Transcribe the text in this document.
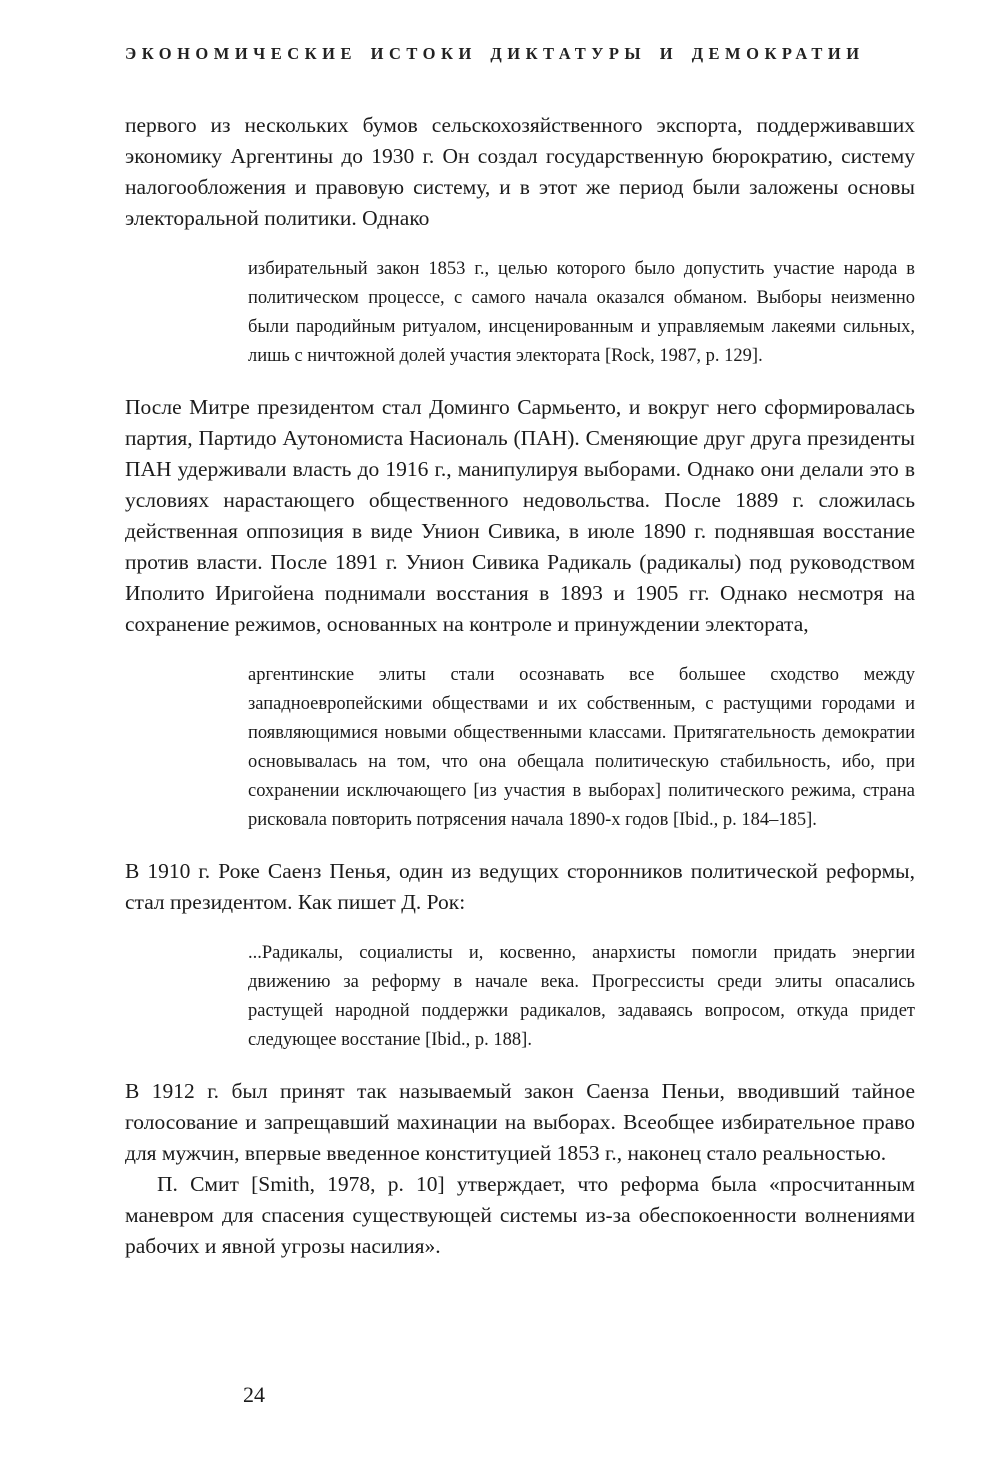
ЭКОНОМИЧЕСКИЕ ИСТОКИ ДИКТАТУРЫ И ДЕМОКРАТИИ

первого из нескольких бумов сельскохозяйственного экспорта, поддерживавших экономику Аргентины до 1930 г. Он создал государственную бюрократию, систему налогообложения и правовую систему, и в этот же период были заложены основы электоральной политики. Однако

избирательный закон 1853 г., целью которого было допустить участие народа в политическом процессе, с самого начала оказался обманом. Выборы неизменно были пародийным ритуалом, инсценированным и управляемым лакеями сильных, лишь с ничтожной долей участия электората [Rock, 1987, p. 129].

После Митре президентом стал Доминго Сармьенто, и вокруг него сформировалась партия, Партидо Аутономиста Насиональ (ПАН). Сменяющие друг друга президенты ПАН удерживали власть до 1916 г., манипулируя выборами. Однако они делали это в условиях нарастающего общественного недовольства. После 1889 г. сложилась действенная оппозиция в виде Унион Сивика, в июле 1890 г. поднявшая восстание против власти. После 1891 г. Унион Сивика Радикаль (радикалы) под руководством Иполито Иригойена поднимали восстания в 1893 и 1905 гг. Однако несмотря на сохранение режимов, основанных на контроле и принуждении электората,

аргентинские элиты стали осознавать все большее сходство между западноевропейскими обществами и их собственным, с растущими городами и появляющимися новыми общественными классами. Притягательность демократии основывалась на том, что она обещала политическую стабильность, ибо, при сохранении исключающего [из участия в выборах] политического режима, страна рисковала повторить потрясения начала 1890-х годов [Ibid., p. 184–185].

В 1910 г. Роке Саенз Пенья, один из ведущих сторонников политической реформы, стал президентом. Как пишет Д. Рок:

...Радикалы, социалисты и, косвенно, анархисты помогли придать энергии движению за реформу в начале века. Прогрессисты среди элиты опасались растущей народной поддержки радикалов, задаваясь вопросом, откуда придет следующее восстание [Ibid., p. 188].

В 1912 г. был принят так называемый закон Саенза Пеньи, вводивший тайное голосование и запрещавший махинации на выборах. Всеобщее избирательное право для мужчин, впервые введенное конституцией 1853 г., наконец стало реальностью.

П. Смит [Smith, 1978, p. 10] утверждает, что реформа была «просчитанным маневром для спасения существующей системы из-за обеспокоенности волнениями рабочих и явной угрозы насилия».

24
